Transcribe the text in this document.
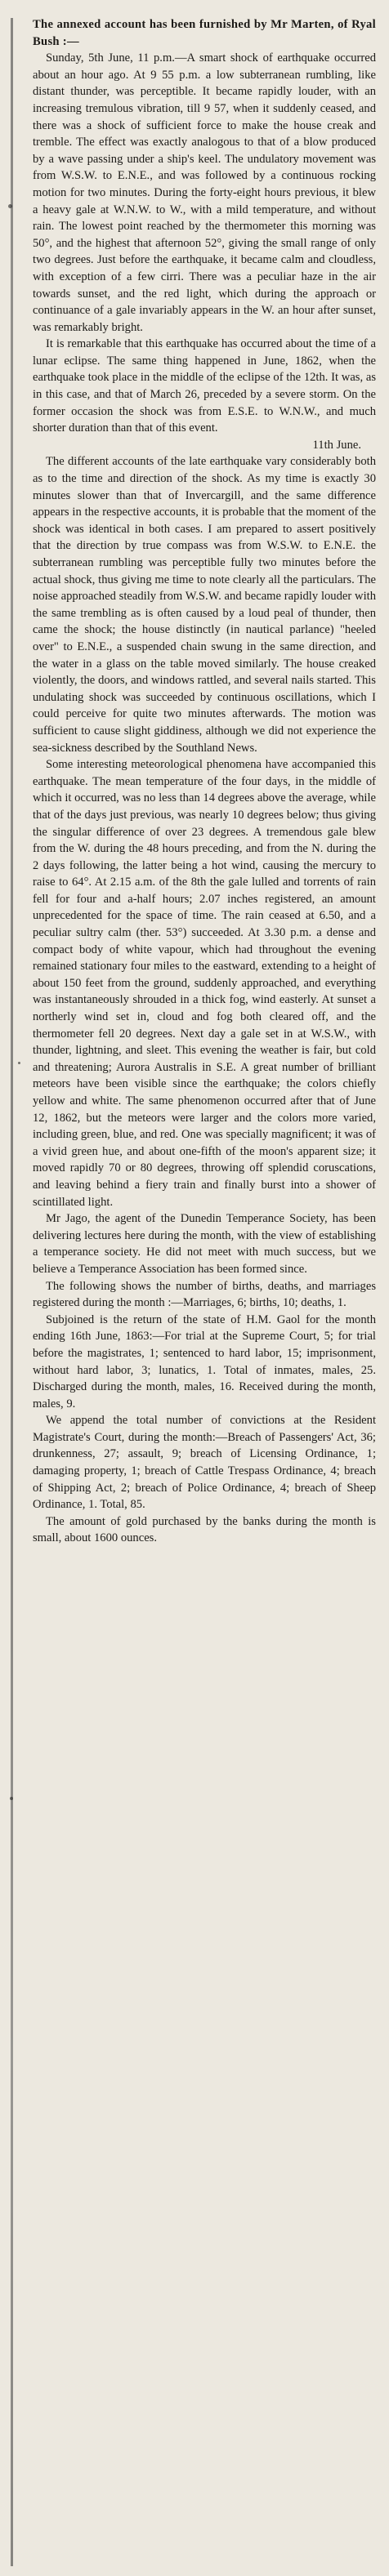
The annexed account has been furnished by Mr Marten, of Ryal Bush :—

Sunday, 5th June, 11 p.m.—A smart shock of earthquake occurred about an hour ago. At 9 55 p.m. a low subterranean rumbling, like distant thunder, was perceptible. It became rapidly louder, with an increasing tremulous vibration, till 9 57, when it suddenly ceased, and there was a shock of sufficient force to make the house creak and tremble. The effect was exactly analogous to that of a blow produced by a wave passing under a ship's keel. The undulatory movement was from W.S.W. to E.N.E., and was followed by a continuous rocking motion for two minutes. During the forty-eight hours previous, it blew a heavy gale at W.N.W. to W., with a mild temperature, and without rain. The lowest point reached by the thermometer this morning was 50°, and the highest that afternoon 52°, giving the small range of only two degrees. Just before the earthquake, it became calm and cloudless, with exception of a few cirri. There was a peculiar haze in the air towards sunset, and the red light, which during the approach or continuance of a gale invariably appears in the W. an hour after sunset, was remarkably bright.

It is remarkable that this earthquake has occurred about the time of a lunar eclipse. The same thing happened in June, 1862, when the earthquake took place in the middle of the eclipse of the 12th. It was, as in this case, and that of March 26, preceded by a severe storm. On the former occasion the shock was from E.S.E. to W.N.W., and much shorter duration than that of this event.

11th June.

The different accounts of the late earthquake vary considerably both as to the time and direction of the shock. As my time is exactly 30 minutes slower than that of Invercargill, and the same difference appears in the respective accounts, it is probable that the moment of the shock was identical in both cases. I am prepared to assert positively that the direction by true compass was from W.S.W. to E.N.E. the subterranean rumbling was perceptible fully two minutes before the actual shock, thus giving me time to note clearly all the particulars. The noise approached steadily from W.S.W. and became rapidly louder with the same trembling as is often caused by a loud peal of thunder, then came the shock; the house distinctly (in nautical parlance) "heeled over" to E.N.E., a suspended chain swung in the same direction, and the water in a glass on the table moved similarly. The house creaked violently, the doors, and windows rattled, and several nails started. This undulating shock was succeeded by continuous oscillations, which I could perceive for quite two minutes afterwards. The motion was sufficient to cause slight giddiness, although we did not experience the sea-sickness described by the Southland News.

Some interesting meteorological phenomena have accompanied this earthquake. The mean temperature of the four days, in the middle of which it occurred, was no less than 14 degrees above the average, while that of the days just previous, was nearly 10 degrees below; thus giving the singular difference of over 23 degrees. A tremendous gale blew from the W. during the 48 hours preceding, and from the N. during the 2 days following, the latter being a hot wind, causing the mercury to raise to 64°. At 2.15 a.m. of the 8th the gale lulled and torrents of rain fell for four and a-half hours; 2.07 inches registered, an amount unprecedented for the space of time. The rain ceased at 6.50, and a peculiar sultry calm (ther. 53°) succeeded. At 3.30 p.m. a dense and compact body of white vapour, which had throughout the evening remained stationary four miles to the eastward, extending to a height of about 150 feet from the ground, suddenly approached, and everything was instantaneously shrouded in a thick fog, wind easterly. At sunset a northerly wind set in, cloud and fog both cleared off, and the thermometer fell 20 degrees. Next day a gale set in at W.S.W., with thunder, lightning, and sleet. This evening the weather is fair, but cold and threatening; Aurora Australis in S.E. A great number of brilliant meteors have been visible since the earthquake; the colors chiefly yellow and white. The same phenomenon occurred after that of June 12, 1862, but the meteors were larger and the colors more varied, including green, blue, and red. One was specially magnificent; it was of a vivid green hue, and about one-fifth of the moon's apparent size; it moved rapidly 70 or 80 degrees, throwing off splendid coruscations, and leaving behind a fiery train and finally burst into a shower of scintillated light.

Mr Jago, the agent of the Dunedin Temperance Society, has been delivering lectures here during the month, with the view of establishing a temperance society. He did not meet with much success, but we believe a Temperance Association has been formed since.

The following shows the number of births, deaths, and marriages registered during the month :—Marriages, 6; births, 10; deaths, 1.

Subjoined is the return of the state of H.M. Gaol for the month ending 16th June, 1863:—For trial at the Supreme Court, 5; for trial before the magistrates, 1; sentenced to hard labor, 15; imprisonment, without hard labor, 3; lunatics, 1. Total of inmates, males, 25. Discharged during the month, males, 16. Received during the month, males, 9.

We append the total number of convictions at the Resident Magistrate's Court, during the month:—Breach of Passengers' Act, 36; drunkenness, 27; assault, 9; breach of Licensing Ordinance, 1; damaging property, 1; breach of Cattle Trespass Ordinance, 4; breach of Shipping Act, 2; breach of Police Ordinance, 4; breach of Sheep Ordinance, 1. Total, 85.

The amount of gold purchased by the banks during the month is small, about 1600 ounces.
